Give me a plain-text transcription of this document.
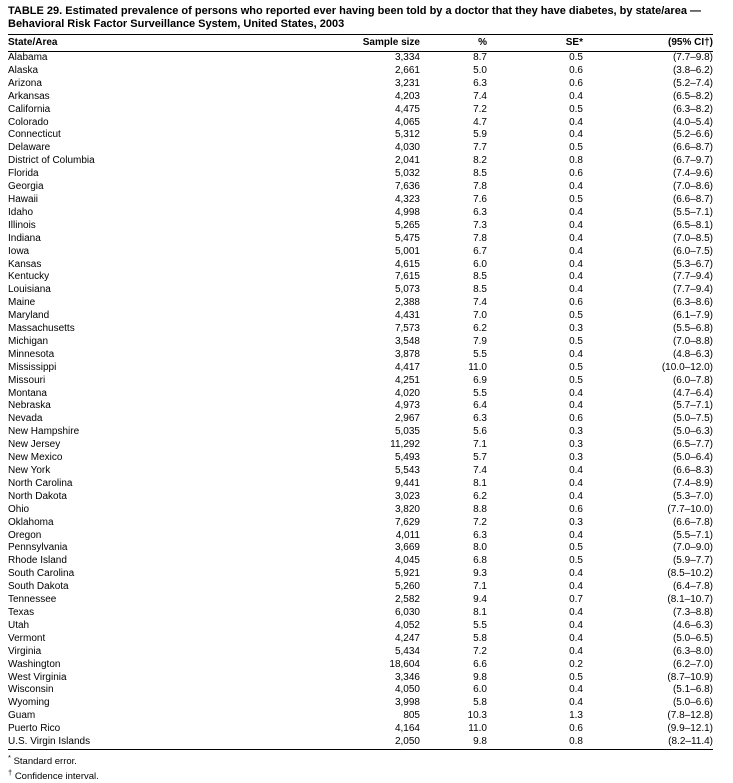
TABLE 29. Estimated prevalence of persons who reported ever having been told by a doctor that they have diabetes, by state/area — Behavioral Risk Factor Surveillance System, United States, 2003
State/Area	Sample size	%	SE*	(95% CI†)
Alabama	3,334	8.7	0.5	(7.7–9.8)
Alaska	2,661	5.0	0.6	(3.8–6.2)
Arizona	3,231	6.3	0.6	(5.2–7.4)
Arkansas	4,203	7.4	0.4	(6.5–8.2)
California	4,475	7.2	0.5	(6.3–8.2)
Colorado	4,065	4.7	0.4	(4.0–5.4)
Connecticut	5,312	5.9	0.4	(5.2–6.6)
Delaware	4,030	7.7	0.5	(6.6–8.7)
District of Columbia	2,041	8.2	0.8	(6.7–9.7)
Florida	5,032	8.5	0.6	(7.4–9.6)
Georgia	7,636	7.8	0.4	(7.0–8.6)
Hawaii	4,323	7.6	0.5	(6.6–8.7)
Idaho	4,998	6.3	0.4	(5.5–7.1)
Illinois	5,265	7.3	0.4	(6.5–8.1)
Indiana	5,475	7.8	0.4	(7.0–8.5)
Iowa	5,001	6.7	0.4	(6.0–7.5)
Kansas	4,615	6.0	0.4	(5.3–6.7)
Kentucky	7,615	8.5	0.4	(7.7–9.4)
Louisiana	5,073	8.5	0.4	(7.7–9.4)
Maine	2,388	7.4	0.6	(6.3–8.6)
Maryland	4,431	7.0	0.5	(6.1–7.9)
Massachusetts	7,573	6.2	0.3	(5.5–6.8)
Michigan	3,548	7.9	0.5	(7.0–8.8)
Minnesota	3,878	5.5	0.4	(4.8–6.3)
Mississippi	4,417	11.0	0.5	(10.0–12.0)
Missouri	4,251	6.9	0.5	(6.0–7.8)
Montana	4,020	5.5	0.4	(4.7–6.4)
Nebraska	4,973	6.4	0.4	(5.7–7.1)
Nevada	2,967	6.3	0.6	(5.0–7.5)
New Hampshire	5,035	5.6	0.3	(5.0–6.3)
New Jersey	11,292	7.1	0.3	(6.5–7.7)
New Mexico	5,493	5.7	0.3	(5.0–6.4)
New York	5,543	7.4	0.4	(6.6–8.3)
North Carolina	9,441	8.1	0.4	(7.4–8.9)
North Dakota	3,023	6.2	0.4	(5.3–7.0)
Ohio	3,820	8.8	0.6	(7.7–10.0)
Oklahoma	7,629	7.2	0.3	(6.6–7.8)
Oregon	4,011	6.3	0.4	(5.5–7.1)
Pennsylvania	3,669	8.0	0.5	(7.0–9.0)
Rhode Island	4,045	6.8	0.5	(5.9–7.7)
South Carolina	5,921	9.3	0.4	(8.5–10.2)
South Dakota	5,260	7.1	0.4	(6.4–7.8)
Tennessee	2,582	9.4	0.7	(8.1–10.7)
Texas	6,030	8.1	0.4	(7.3–8.8)
Utah	4,052	5.5	0.4	(4.6–6.3)
Vermont	4,247	5.8	0.4	(5.0–6.5)
Virginia	5,434	7.2	0.4	(6.3–8.0)
Washington	18,604	6.6	0.2	(6.2–7.0)
West Virginia	3,346	9.8	0.5	(8.7–10.9)
Wisconsin	4,050	6.0	0.4	(5.1–6.8)
Wyoming	3,998	5.8	0.4	(5.0–6.6)
Guam	805	10.3	1.3	(7.8–12.8)
Puerto Rico	4,164	11.0	0.6	(9.9–12.1)
U.S. Virgin Islands	2,050	9.8	0.8	(8.2–11.4)
* Standard error.
† Confidence interval.
